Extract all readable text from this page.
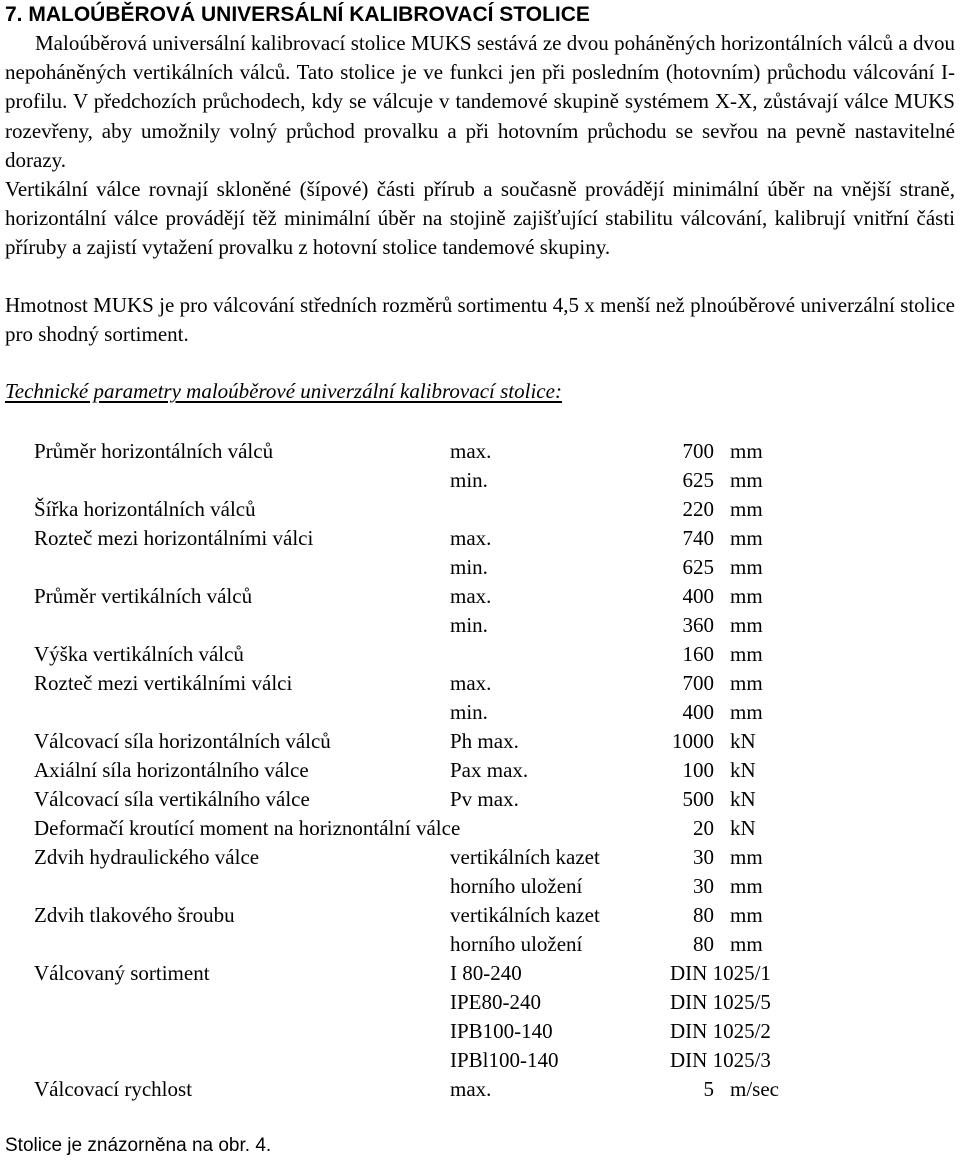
7. MALOÚBĚROVÁ UNIVERSÁLNÍ KALIBROVACÍ STOLICE

Maloúběrová universální kalibrovací stolice MUKS sestává ze dvou poháněných horizontálních válců a dvou nepoháněných vertikálních válců. Tato stolice je ve funkci jen při posledním (hotovním) průchodu válcování I-profilu. V předchozích průchodech, kdy se válcuje v tandemové skupině systémem X-X, zůstávají válce MUKS rozevřeny, aby umožnily volný průchod provalku a při hotovním průchodu se sevřou na pevně nastavitelné dorazy.

Vertikální válce rovnají skloněné (šípové) části přírub a současně provádějí minimální úběr na vnější straně, horizontální válce provádějí těž minimální úběr na stojině zajišťující stabilitu válcování, kalibrují vnitřní části příruby a zajistí vytažení provalku z hotovní stolice tandemové skupiny.

Hmotnost MUKS je pro válcování středních rozměrů sortimentu 4,5 x menší než plnoúběrové univerzální stolice pro shodný sortiment.

Technické parametry maloúběrové univerzální kalibrovací stolice:
Průměr horizontálních válců	max.	700 mm
min.	625 mm
Šířka horizontálních válců	220 mm
Rozteč mezi horizontálními válci	max.	740 mm
min.	625 mm
Průměr vertikálních válců	max.	400 mm
min.	360 mm
Výška vertikálních válců	160 mm
Rozteč mezi vertikálními válci	max.	700 mm
min.	400 mm
Válcovací síla horizontálních válců	Ph max.	1000 kN
Axiální síla horizontálního válce	Pax max.	100 kN
Válcovací síla vertikálního válce	Pv max.	500 kN
Deformačí kroutící moment na horiznontální válce	20 kN
Zdvih hydraulického válce	vertikálních kazet	30 mm
horního uložení	30 mm
Zdvih tlakového šroubu	vertikálních kazet	80 mm
horního uložení	80 mm
Válcovaný sortiment	I 80-240	DIN 1025/1
IPE80-240	DIN 1025/5
IPB100-140	DIN 1025/2
IPBl100-140	DIN 1025/3
Válcovací rychlost	max.	5 m/sec
Stolice je znázorněna na obr. 4.
